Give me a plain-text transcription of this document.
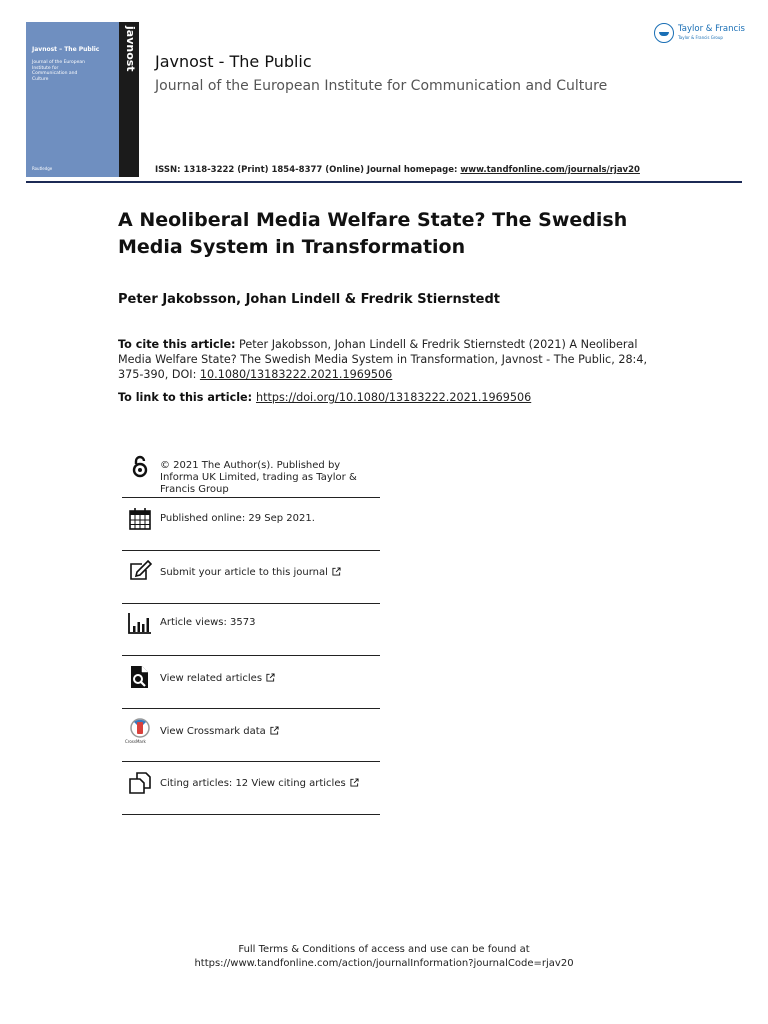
javnost
Javnost – The Public
Journal of the European Institute for Communication and Culture
Routledge
Javnost - The Public
Journal of the European Institute for Communication and Culture
ISSN: 1318-3222 (Print) 1854-8377 (Online) Journal homepage: www.tandfonline.com/journals/rjav20
Taylor & Francis
Taylor & Francis Group
A Neoliberal Media Welfare State? The Swedish Media System in Transformation
Peter Jakobsson, Johan Lindell & Fredrik Stiernstedt
To cite this article: Peter Jakobsson, Johan Lindell & Fredrik Stiernstedt (2021) A Neoliberal Media Welfare State? The Swedish Media System in Transformation, Javnost - The Public, 28:4, 375-390, DOI: 10.1080/13183222.2021.1969506
To link to this article: https://doi.org/10.1080/13183222.2021.1969506
© 2021 The Author(s). Published by Informa UK Limited, trading as Taylor & Francis Group
Published online: 29 Sep 2021.
Submit your article to this journal
Article views: 3573
View related articles
CrossMark
View Crossmark data
Citing articles: 12 View citing articles
Full Terms & Conditions of access and use can be found at
https://www.tandfonline.com/action/journalInformation?journalCode=rjav20
